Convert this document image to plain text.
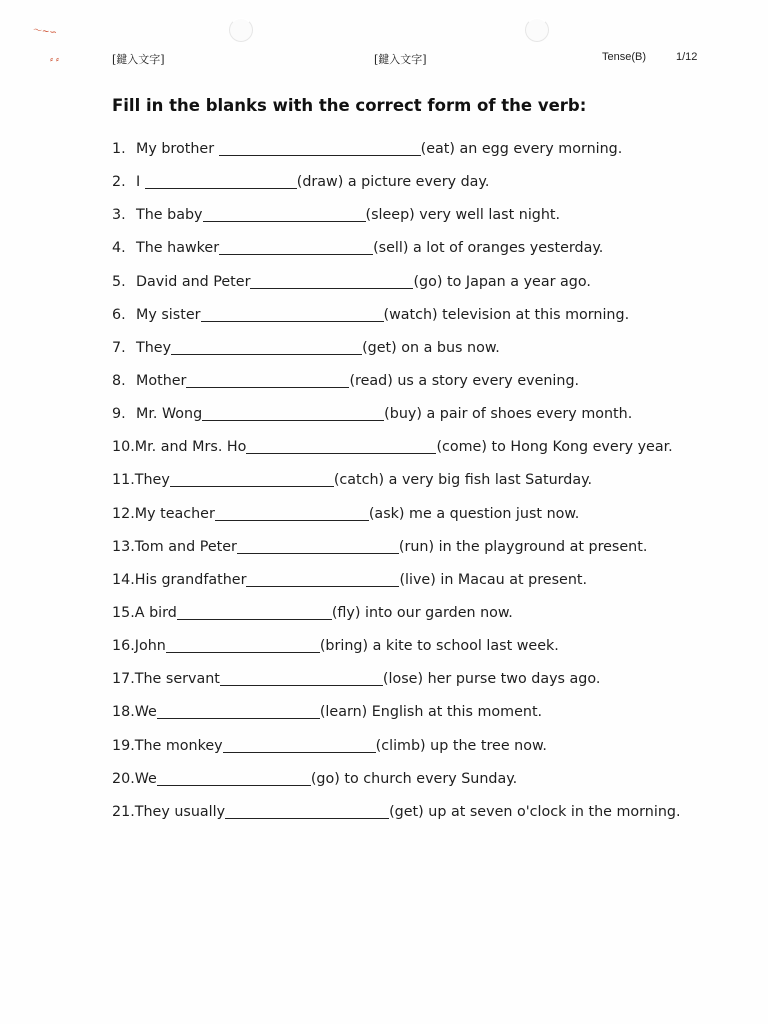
〜∼∽
⸗ ⸗	[鍵入文字]	[鍵入文字]	Tense(B)	1/12
Fill in the blanks with the correct form of the verb:
1. My brother	(eat) an egg every morning.
2. I	(draw) a picture every day.
3. The baby	(sleep) very well last night.
4. The hawker	(sell) a lot of oranges yesterday.
5. David and Peter	(go) to Japan a year ago.
6. My sister	(watch) television at this morning.
7. They	(get) on a bus now.
8. Mother	(read) us a story every evening.
9. Mr. Wong	(buy) a pair of shoes every month.
10. Mr. and Mrs. Ho	(come) to Hong Kong every year.
11. They	(catch) a very big fish last Saturday.
12. My teacher	(ask) me a question just now.
13. Tom and Peter	(run) in the playground at present.
14. His grandfather	(live) in Macau at present.
15. A bird	(fly) into our garden now.
16. John	(bring) a kite to school last week.
17. The servant	(lose) her purse two days ago.
18. We	(learn) English at this moment.
19. The monkey	(climb) up the tree now.
20. We	(go) to church every Sunday.
21. They usually	(get) up at seven o'clock in the morning.
